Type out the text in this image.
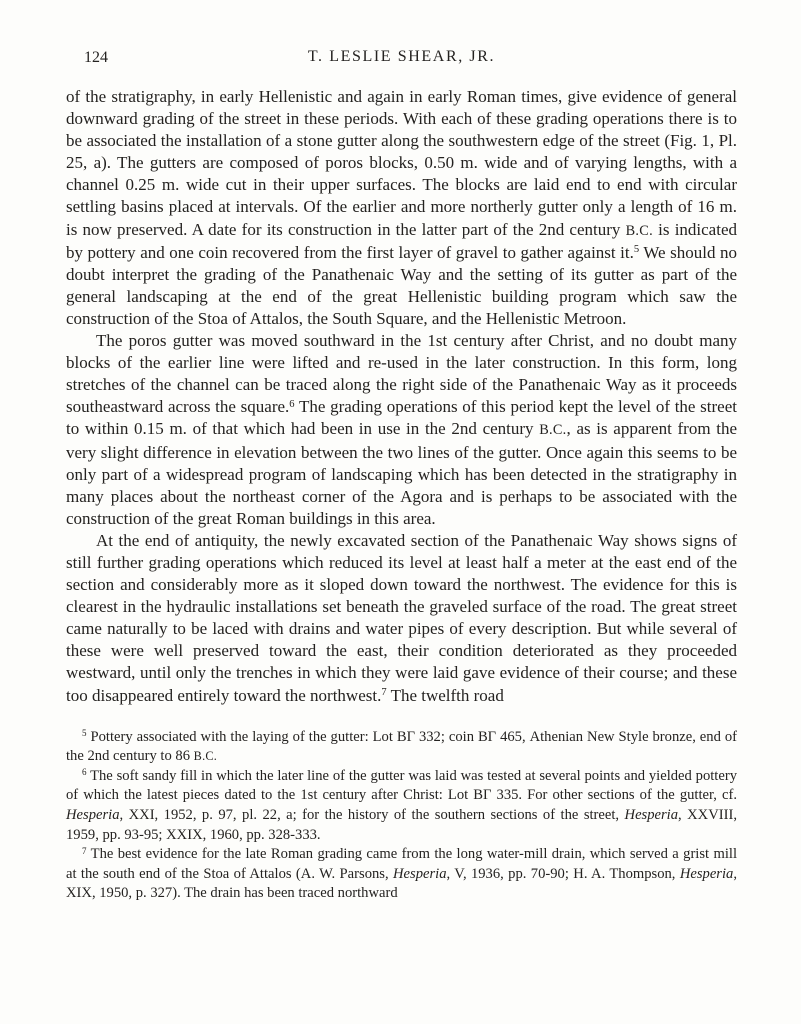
124	T. LESLIE SHEAR, JR.

of the stratigraphy, in early Hellenistic and again in early Roman times, give evidence of general downward grading of the street in these periods. With each of these grading operations there is to be associated the installation of a stone gutter along the southwestern edge of the street (Fig. 1, Pl. 25, a). The gutters are composed of poros blocks, 0.50 m. wide and of varying lengths, with a channel 0.25 m. wide cut in their upper surfaces. The blocks are laid end to end with circular settling basins placed at intervals. Of the earlier and more northerly gutter only a length of 16 m. is now preserved. A date for its construction in the latter part of the 2nd century B.C. is indicated by pottery and one coin recovered from the first layer of gravel to gather against it.$^5$ We should no doubt interpret the grading of the Panathenaic Way and the setting of its gutter as part of the general landscaping at the end of the great Hellenistic building program which saw the construction of the Stoa of Attalos, the South Square, and the Hellenistic Metroon.

The poros gutter was moved southward in the 1st century after Christ, and no doubt many blocks of the earlier line were lifted and re-used in the later construction. In this form, long stretches of the channel can be traced along the right side of the Panathenaic Way as it proceeds southeastward across the square.$^6$ The grading operations of this period kept the level of the street to within 0.15 m. of that which had been in use in the 2nd century B.C., as is apparent from the very slight difference in elevation between the two lines of the gutter. Once again this seems to be only part of a widespread program of landscaping which has been detected in the stratigraphy in many places about the northeast corner of the Agora and is perhaps to be associated with the construction of the great Roman buildings in this area.

At the end of antiquity, the newly excavated section of the Panathenaic Way shows signs of still further grading operations which reduced its level at least half a meter at the east end of the section and considerably more as it sloped down toward the northwest. The evidence for this is clearest in the hydraulic installations set beneath the graveled surface of the road. The great street came naturally to be laced with drains and water pipes of every description. But while several of these were well preserved toward the east, their condition deteriorated as they proceeded westward, until only the trenches in which they were laid gave evidence of their course; and these too disappeared entirely toward the northwest.$^7$ The twelfth road

$^5$ Pottery associated with the laying of the gutter: Lot ΒΓ 332; coin ΒΓ 465, Athenian New Style bronze, end of the 2nd century to 86 B.C.

$^6$ The soft sandy fill in which the later line of the gutter was laid was tested at several points and yielded pottery of which the latest pieces dated to the 1st century after Christ: Lot ΒΓ 335. For other sections of the gutter, cf. Hesperia, XXI, 1952, p. 97, pl. 22, a; for the history of the southern sections of the street, Hesperia, XXVIII, 1959, pp. 93-95; XXIX, 1960, pp. 328-333.

$^7$ The best evidence for the late Roman grading came from the long water-mill drain, which served a grist mill at the south end of the Stoa of Attalos (A. W. Parsons, Hesperia, V, 1936, pp. 70-90; H. A. Thompson, Hesperia, XIX, 1950, p. 327). The drain has been traced northward
